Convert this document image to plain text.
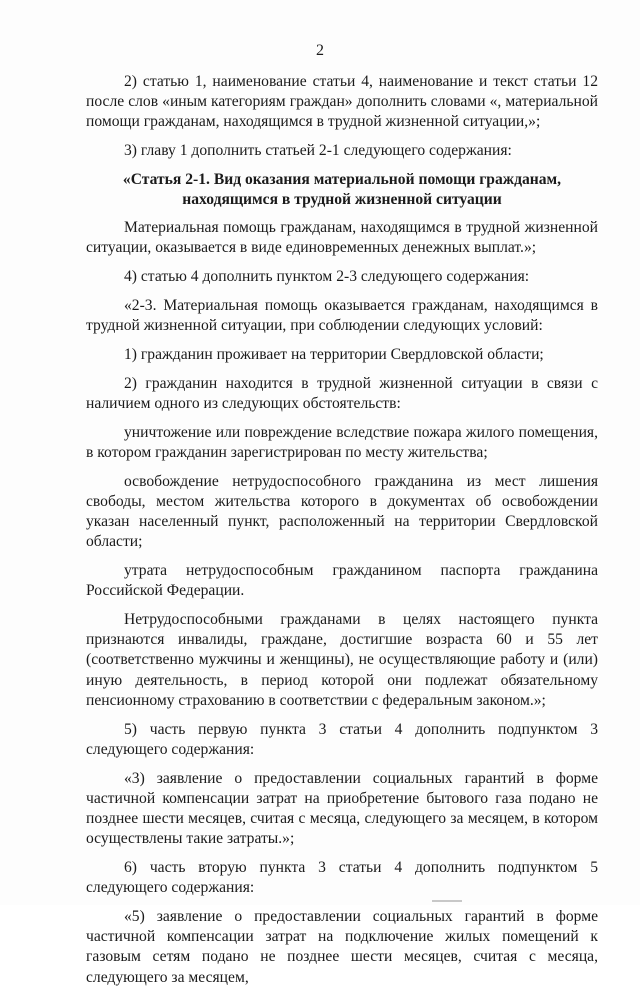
2

2) статью 1, наименование статьи 4, наименование и текст статьи 12 после слов «иным категориям граждан» дополнить словами «, материальной помощи гражданам, находящимся в трудной жизненной ситуации,»;

3) главу 1 дополнить статьей 2-1 следующего содержания:

«Статья 2-1. Вид оказания материальной помощи гражданам, находящимся в трудной жизненной ситуации

Материальная помощь гражданам, находящимся в трудной жизненной ситуации, оказывается в виде единовременных денежных выплат.»;

4) статью 4 дополнить пунктом 2-3 следующего содержания:

«2-3. Материальная помощь оказывается гражданам, находящимся в трудной жизненной ситуации, при соблюдении следующих условий:

1) гражданин проживает на территории Свердловской области;

2) гражданин находится в трудной жизненной ситуации в связи с наличием одного из следующих обстоятельств:

уничтожение или повреждение вследствие пожара жилого помещения, в котором гражданин зарегистрирован по месту жительства;

освобождение нетрудоспособного гражданина из мест лишения свободы, местом жительства которого в документах об освобождении указан населенный пункт, расположенный на территории Свердловской области;

утрата нетрудоспособным гражданином паспорта гражданина Российской Федерации.

Нетрудоспособными гражданами в целях настоящего пункта признаются инвалиды, граждане, достигшие возраста 60 и 55 лет (соответственно мужчины и женщины), не осуществляющие работу и (или) иную деятельность, в период которой они подлежат обязательному пенсионному страхованию в соответствии с федеральным законом.»;

5) часть первую пункта 3 статьи 4 дополнить подпунктом 3 следующего содержания:

«3) заявление о предоставлении социальных гарантий в форме частичной компенсации затрат на приобретение бытового газа подано не позднее шести месяцев, считая с месяца, следующего за месяцем, в котором осуществлены такие затраты.»;

6) часть вторую пункта 3 статьи 4 дополнить подпунктом 5 следующего содержания:

«5) заявление о предоставлении социальных гарантий в форме частичной компенсации затрат на подключение жилых помещений к газовым сетям подано не позднее шести месяцев, считая с месяца, следующего за месяцем,
